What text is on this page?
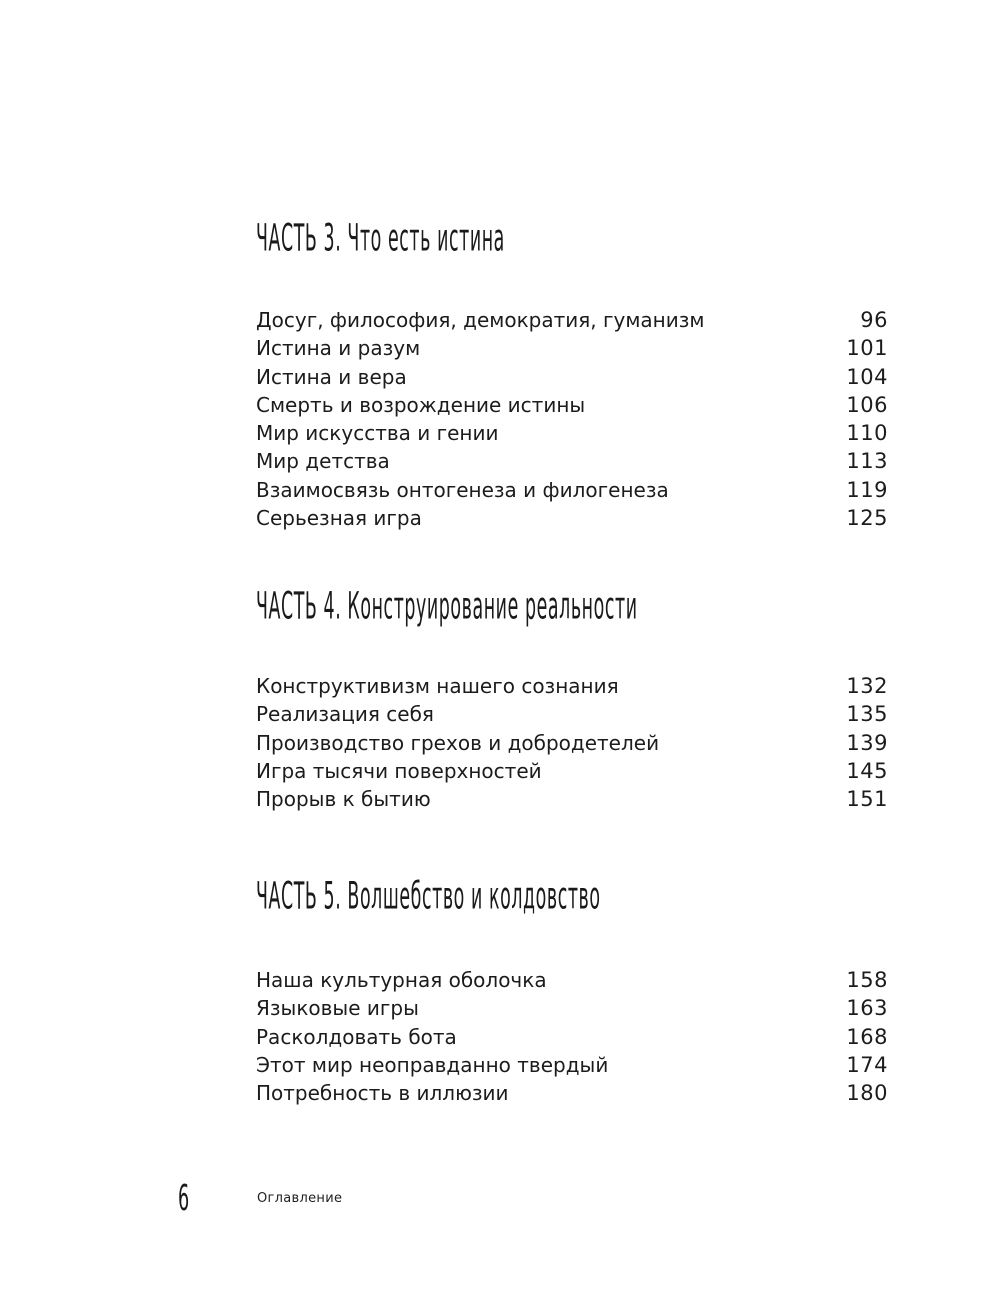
ЧАСТЬ 3. Что есть истина
Досуг, философия, демократия, гуманизм	96
Истина и разум	101
Истина и вера	104
Смерть и возрождение истины	106
Мир искусства и гении	110
Мир детства	113
Взаимосвязь онтогенеза и филогенеза	119
Серьезная игра	125
ЧАСТЬ 4. Конструирование реальности
Конструктивизм нашего сознания	132
Реализация себя	135
Производство грехов и добродетелей	139
Игра тысячи поверхностей	145
Прорыв к бытию	151
ЧАСТЬ 5. Волшебство и колдовство
Наша культурная оболочка	158
Языковые игры	163
Расколдовать бота	168
Этот мир неоправданно твердый	174
Потребность в иллюзии	180
6	Оглавление
